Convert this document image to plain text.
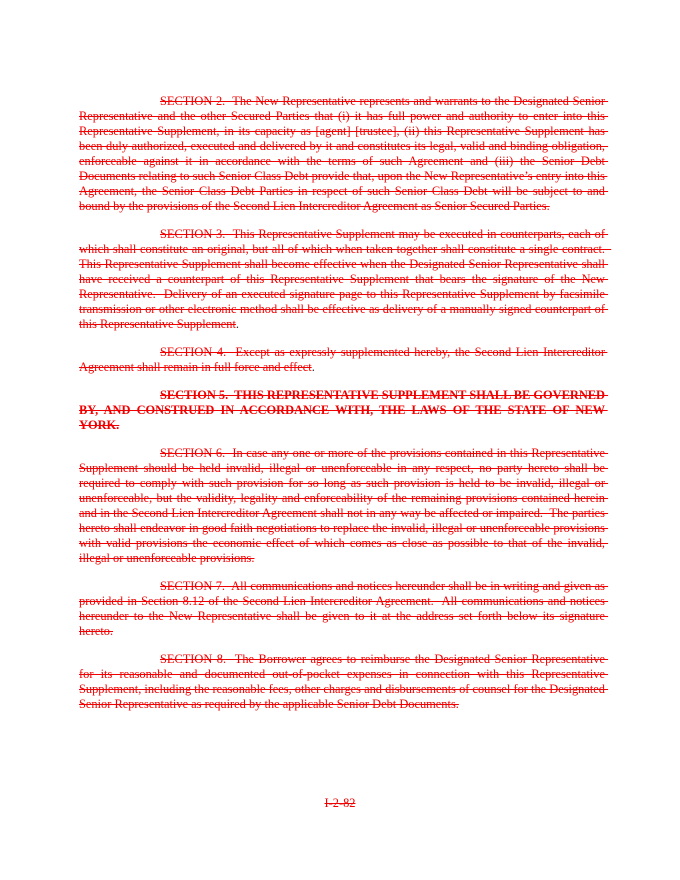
SECTION 2.  The New Representative represents and warrants to the Designated Senior Representative and the other Secured Parties that (i) it has full power and authority to enter into this Representative Supplement, in its capacity as [agent] [trustee], (ii) this Representative Supplement has been duly authorized, executed and delivered by it and constitutes its legal, valid and binding obligation, enforceable against it in accordance with the terms of such Agreement and (iii) the Senior Debt Documents relating to such Senior Class Debt provide that, upon the New Representative’s entry into this Agreement, the Senior Class Debt Parties in respect of such Senior Class Debt will be subject to and bound by the provisions of the Second Lien Intercreditor Agreement as Senior Secured Parties.

SECTION 3.  This Representative Supplement may be executed in counterparts, each of which shall constitute an original, but all of which when taken together shall constitute a single contract.  This Representative Supplement shall become effective when the Designated Senior Representative shall have received a counterpart of this Representative Supplement that bears the signature of the New Representative.  Delivery of an executed signature page to this Representative Supplement by facsimile transmission or other electronic method shall be effective as delivery of a manually signed counterpart of this Representative Supplement.

SECTION 4.  Except as expressly supplemented hereby, the Second Lien Intercreditor Agreement shall remain in full force and effect.

SECTION 5.  THIS REPRESENTATIVE SUPPLEMENT SHALL BE GOVERNED BY, AND CONSTRUED IN ACCORDANCE WITH, THE LAWS OF THE STATE OF NEW YORK.

SECTION 6.  In case any one or more of the provisions contained in this Representative Supplement should be held invalid, illegal or unenforceable in any respect, no party hereto shall be required to comply with such provision for so long as such provision is held to be invalid, illegal or unenforceable, but the validity, legality and enforceability of the remaining provisions contained herein and in the Second Lien Intercreditor Agreement shall not in any way be affected or impaired.  The parties hereto shall endeavor in good faith negotiations to replace the invalid, illegal or unenforceable provisions with valid provisions the economic effect of which comes as close as possible to that of the invalid, illegal or unenforceable provisions.

SECTION 7.  All communications and notices hereunder shall be in writing and given as provided in Section 8.12 of the Second Lien Intercreditor Agreement.  All communications and notices hereunder to the New Representative shall be given to it at the address set forth below its signature hereto.

SECTION 8.  The Borrower agrees to reimburse the Designated Senior Representative for its reasonable and documented out-of-pocket expenses in connection with this Representative Supplement, including the reasonable fees, other charges and disbursements of counsel for the Designated Senior Representative as required by the applicable Senior Debt Documents.

I-2-82
